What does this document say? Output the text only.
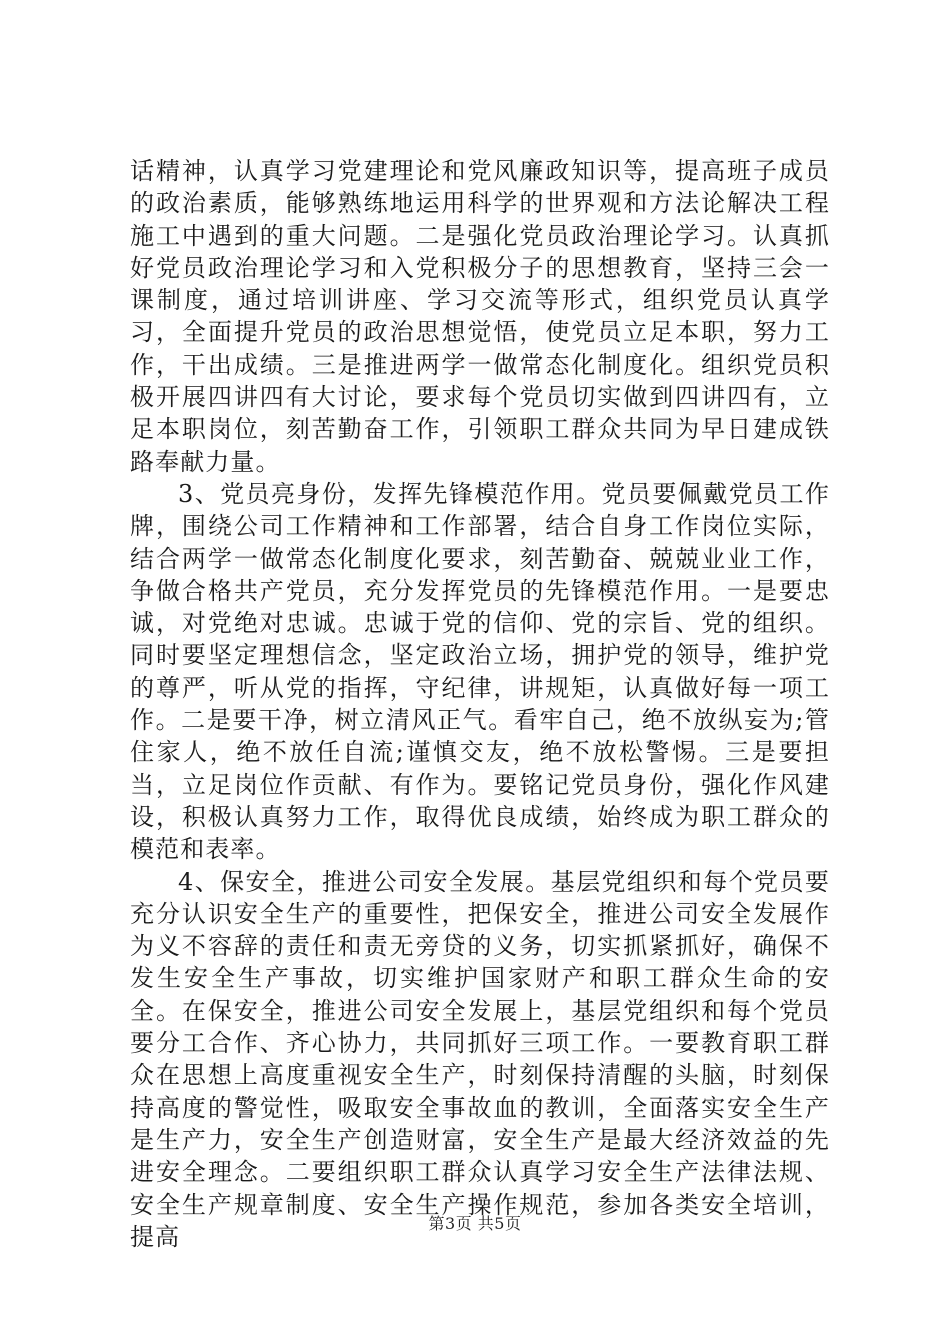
话精神，认真学习党建理论和党风廉政知识等，提高班子成员的政治素质，能够熟练地运用科学的世界观和方法论解决工程施工中遇到的重大问题。二是强化党员政治理论学习。认真抓好党员政治理论学习和入党积极分子的思想教育，坚持三会一课制度，通过培训讲座、学习交流等形式，组织党员认真学习，全面提升党员的政治思想觉悟，使党员立足本职，努力工作，干出成绩。三是推进两学一做常态化制度化。组织党员积极开展四讲四有大讨论，要求每个党员切实做到四讲四有，立足本职岗位，刻苦勤奋工作，引领职工群众共同为早日建成铁路奉献力量。

3、党员亮身份，发挥先锋模范作用。党员要佩戴党员工作牌，围绕公司工作精神和工作部署，结合自身工作岗位实际，结合两学一做常态化制度化要求，刻苦勤奋、兢兢业业工作，争做合格共产党员，充分发挥党员的先锋模范作用。一是要忠诚，对党绝对忠诚。忠诚于党的信仰、党的宗旨、党的组织。同时要坚定理想信念，坚定政治立场，拥护党的领导，维护党的尊严，听从党的指挥，守纪律，讲规矩，认真做好每一项工作。二是要干净，树立清风正气。看牢自己，绝不放纵妄为;管住家人，绝不放任自流;谨慎交友，绝不放松警惕。三是要担当，立足岗位作贡献、有作为。要铭记党员身份，强化作风建设，积极认真努力工作，取得优良成绩，始终成为职工群众的模范和表率。

4、保安全，推进公司安全发展。基层党组织和每个党员要充分认识安全生产的重要性，把保安全，推进公司安全发展作为义不容辞的责任和责无旁贷的义务，切实抓紧抓好，确保不发生安全生产事故，切实维护国家财产和职工群众生命的安全。在保安全，推进公司安全发展上，基层党组织和每个党员要分工合作、齐心协力，共同抓好三项工作。一要教育职工群众在思想上高度重视安全生产，时刻保持清醒的头脑，时刻保持高度的警觉性，吸取安全事故血的教训，全面落实安全生产是生产力，安全生产创造财富，安全生产是最大经济效益的先进安全理念。二要组织职工群众认真学习安全生产法律法规、安全生产规章制度、安全生产操作规范，参加各类安全培训，提高	第3页 共5页
